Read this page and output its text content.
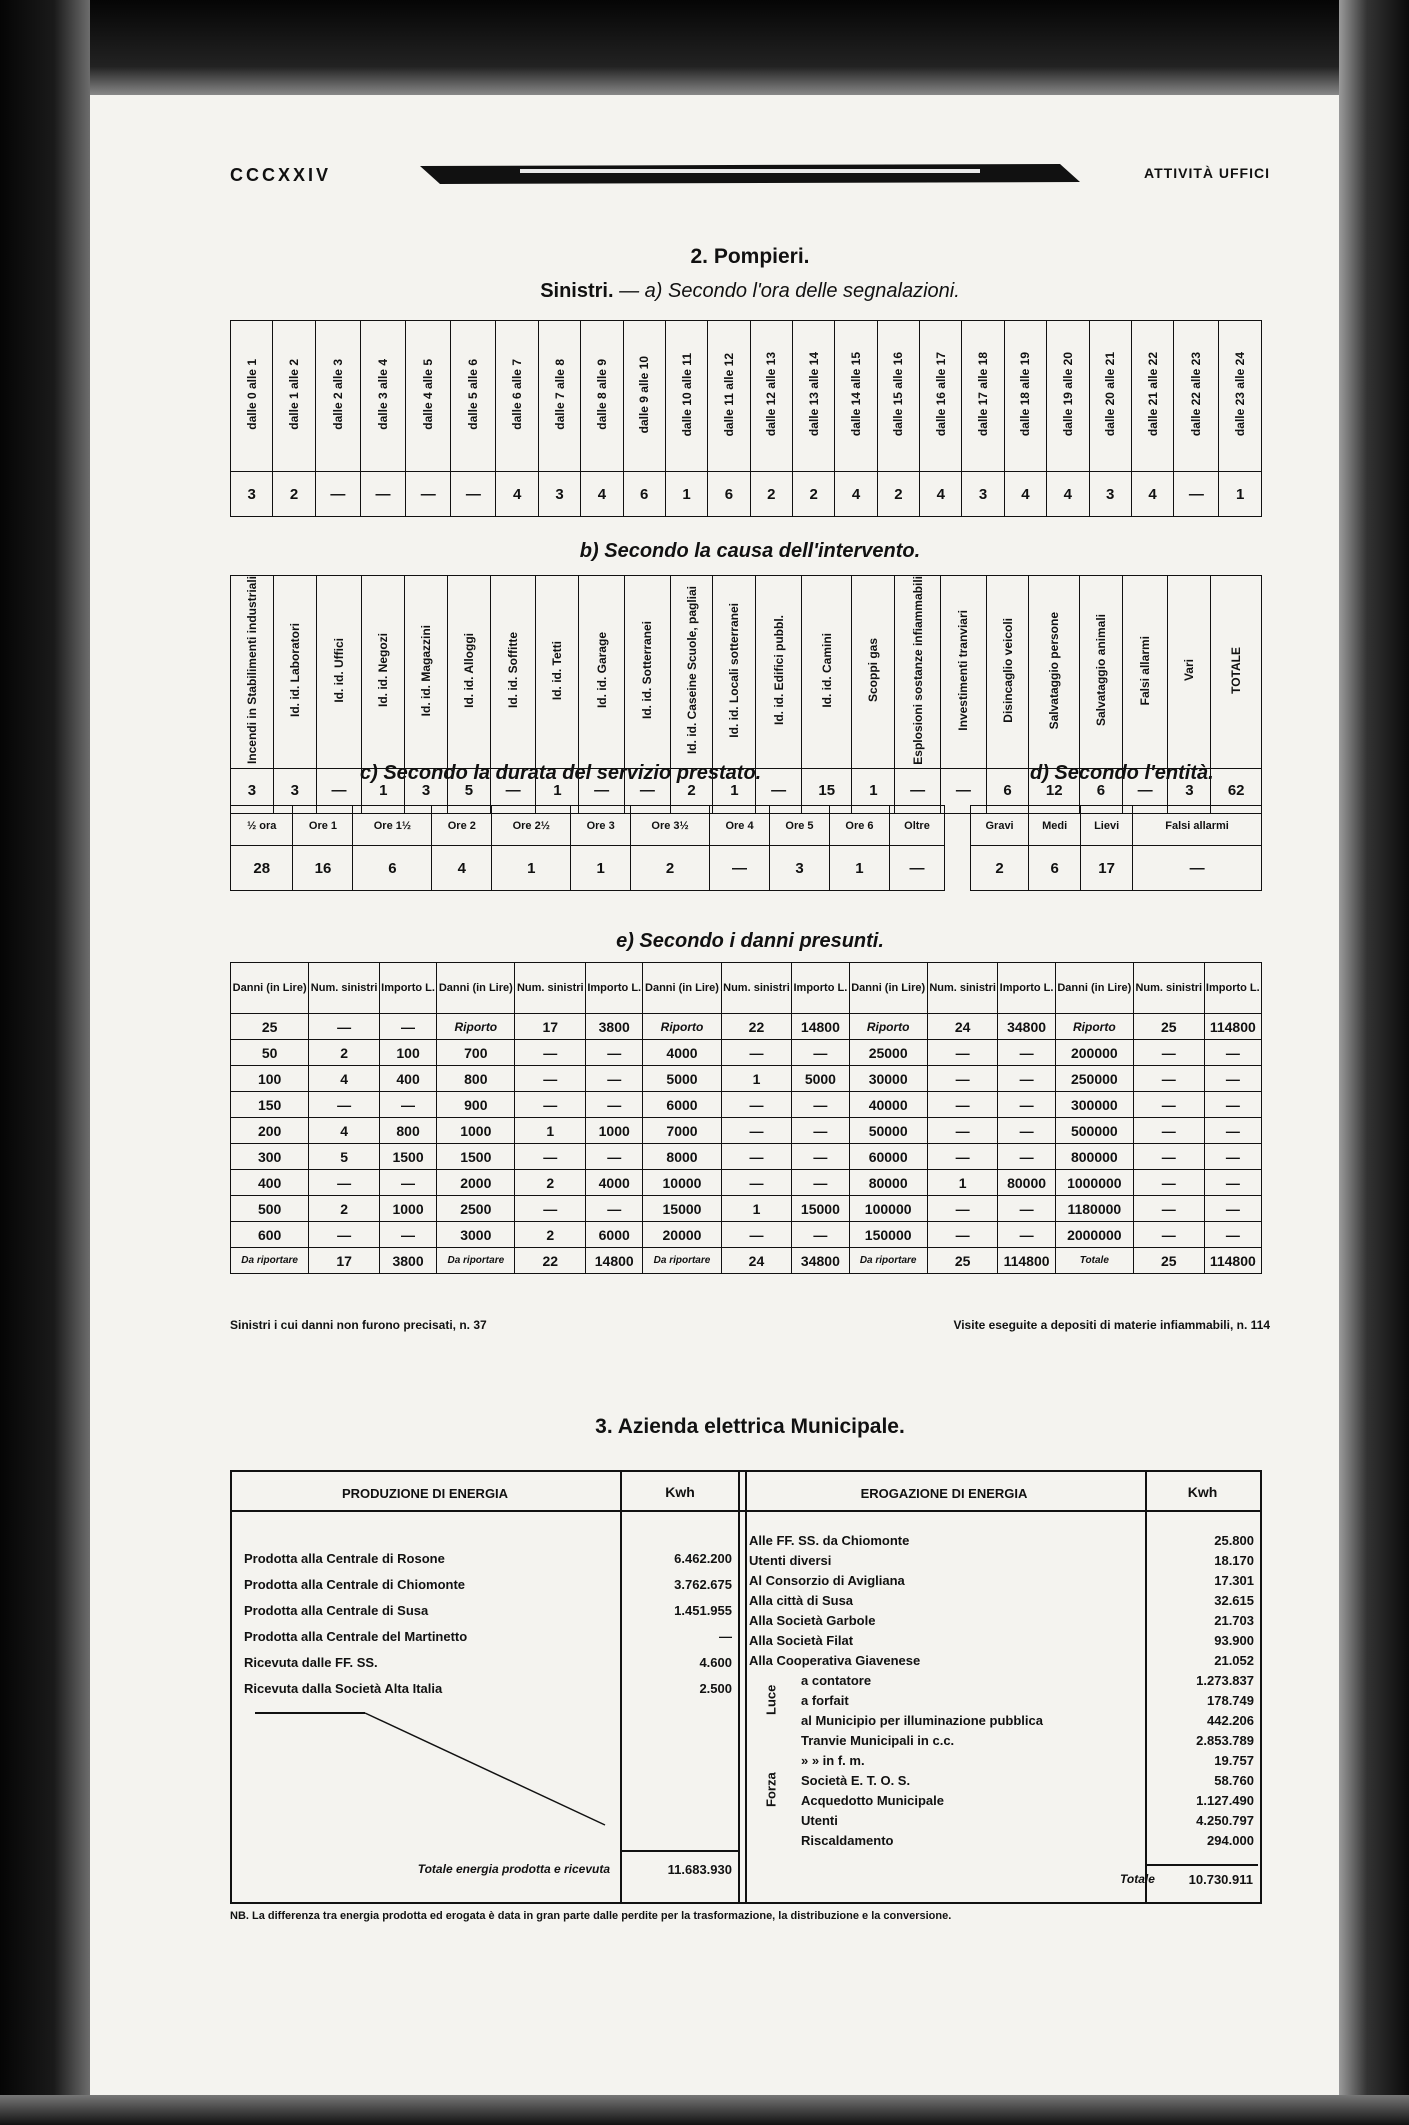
CCCXXIV	ATTIVITÀ UFFICI
2. Pompieri.
Sinistri. — a) Secondo l'ora delle segnalazioni.
dalle 0 alle 1	dalle 1 alle 2	dalle 2 alle 3	dalle 3 alle 4	dalle 4 alle 5	dalle 5 alle 6	dalle 6 alle 7	dalle 7 alle 8	dalle 8 alle 9	dalle 9 alle 10	dalle 10 alle 11	dalle 11 alle 12	dalle 12 alle 13	dalle 13 alle 14	dalle 14 alle 15	dalle 15 alle 16	dalle 16 alle 17	dalle 17 alle 18	dalle 18 alle 19	dalle 19 alle 20	dalle 20 alle 21	dalle 21 alle 22	dalle 22 alle 23	dalle 23 alle 24
3	2	—	—	—	—	4	3	4	6	1	6	2	2	4	2	4	3	4	4	3	4	—	1
b) Secondo la causa dell'intervento.
Incendi in Stabilimenti industriali	Id. id. Laboratori	Id. id. Uffici	Id. id. Negozi	Id. id. Magazzini	Id. id. Alloggi	Id. id. Soffitte	Id. id. Tetti	Id. id. Garage	Id. id. Sotterranei	Id. id. Caseine Scuole, pagliai	Id. id. Locali sotterranei	Id. id. Edifici pubbl.	Id. id. Camini	Scoppi gas	Esplosioni sostanze infiammabili	Investimenti tranviari	Disincaglio veicoli	Salvataggio persone	Salvataggio animali	Falsi allarmi	Vari	TOTALE
3	3	—	1	3	5	—	1	—	—	2	1	—	15	1	—	—	6	12	6	—	3	62
c) Secondo la durata del servizio prestato.	d) Secondo l'entità.
½ ora	Ore 1	Ore 1½	Ore 2	Ore 2½	Ore 3	Ore 3½	Ore 4	Ore 5	Ore 6	Oltre
28	16	6	4	1	1	2	—	3	1	—
Gravi	Medi	Lievi	Falsi allarmi
2	6	17	—
e) Secondo i danni presunti.
Danni (in Lire)	Num. sinistri	Importo L.	Danni (in Lire)	Num. sinistri	Importo L.	Danni (in Lire)	Num. sinistri	Importo L.	Danni (in Lire)	Num. sinistri	Importo L.	Danni (in Lire)	Num. sinistri	Importo L.
25	—	—	Riporto	17	3800	Riporto	22	14800	Riporto	24	34800	Riporto	25	114800
50	2	100	700	—	—	4000	—	—	25000	—	—	200000	—	—
100	4	400	800	—	—	5000	1	5000	30000	—	—	250000	—	—
150	—	—	900	—	—	6000	—	—	40000	—	—	300000	—	—
200	4	800	1000	1	1000	7000	—	—	50000	—	—	500000	—	—
300	5	1500	1500	—	—	8000	—	—	60000	—	—	800000	—	—
400	—	—	2000	2	4000	10000	—	—	80000	1	80000	1000000	—	—
500	2	1000	2500	—	—	15000	1	15000	100000	—	—	1180000	—	—
600	—	—	3000	2	6000	20000	—	—	150000	—	—	2000000	—	—
Da riportare	17	3800	Da riportare	22	14800	Da riportare	24	34800	Da riportare	25	114800	Totale	25	114800
Sinistri i cui danni non furono precisati, n. 37	Visite eseguite a depositi di materie infiammabili, n. 114
3. Azienda elettrica Municipale.
PRODUZIONE DI ENERGIA	Kwh	EROGAZIONE DI ENERGIA	Kwh
Prodotta alla Centrale di Rosone	6.462.200
Prodotta alla Centrale di Chiomonte	3.762.675
Prodotta alla Centrale di Susa	1.451.955
Prodotta alla Centrale del Martinetto	—
Ricevuta dalle FF. SS.	4.600
Ricevuta dalla Società Alta Italia	2.500
Totale energia prodotta e ricevuta	11.683.930
Alle FF. SS. da Chiomonte		25.800
Utenti diversi		18.170
Al Consorzio di Avigliana		17.301
Alla città di Susa		32.615
Alla Società Garbole		21.703
Alla Società Filat		93.900
Alla Cooperativa Giavenese		21.052
Luce	a contatore	1.273.837
	a forfait	178.749
	al Municipio per illuminazione pubblica	442.206
Forza	Tranvie Municipali in c.c.	2.853.789
	» » in f. m.	19.757
	Società E. T. O. S.	58.760
	Acquedotto Municipale	1.127.490
	Utenti	4.250.797
	Riscaldamento	294.000
Totale	10.730.911
NB. La differenza tra energia prodotta ed erogata è data in gran parte dalle perdite per la trasformazione, la distribuzione e la conversione.
